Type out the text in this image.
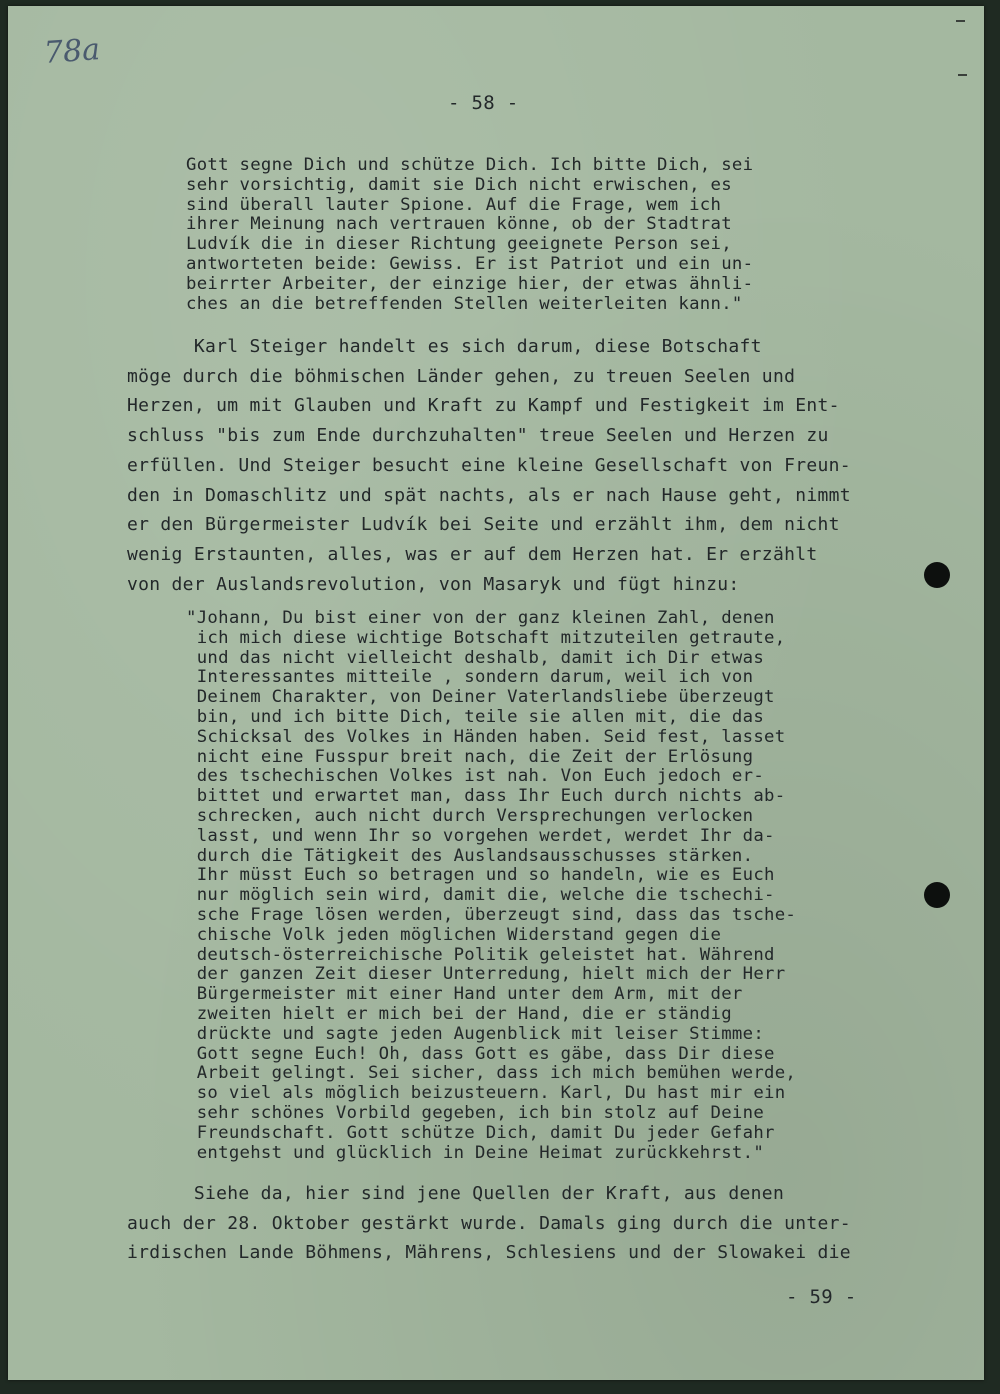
78a
- 58 -
Gott segne Dich und schütze Dich. Ich bitte Dich, sei
sehr vorsichtig, damit sie Dich nicht erwischen, es
sind überall lauter Spione. Auf die Frage, wem ich
ihrer Meinung nach vertrauen könne, ob der Stadtrat
Ludvík die in dieser Richtung geeignete Person sei,
antworteten beide: Gewiss. Er ist Patriot und ein un-
beirrter Arbeiter, der einzige hier, der etwas ähnli-
ches an die betreffenden Stellen weiterleiten kann."
Karl Steiger handelt es sich darum, diese Botschaft
möge durch die böhmischen Länder gehen, zu treuen Seelen und
Herzen, um mit Glauben und Kraft zu Kampf und Festigkeit im Ent-
schluss "bis zum Ende durchzuhalten" treue Seelen und Herzen zu
erfüllen. Und Steiger besucht eine kleine Gesellschaft von Freun-
den in Domaschlitz und spät nachts, als er nach Hause geht, nimmt
er den Bürgermeister Ludvík bei Seite und erzählt ihm, dem nicht
wenig Erstaunten, alles, was er auf dem Herzen hat. Er erzählt
von der Auslandsrevolution, von Masaryk und fügt hinzu:
"Johann, Du bist einer von der ganz kleinen Zahl, denen
ich mich diese wichtige Botschaft mitzuteilen getraute,
und das nicht vielleicht deshalb, damit ich Dir etwas
Interessantes mitteile , sondern darum, weil ich von
Deinem Charakter, von Deiner Vaterlandsliebe überzeugt
bin, und ich bitte Dich, teile sie allen mit, die das
Schicksal des Volkes in Händen haben. Seid fest, lasset
nicht eine Fusspur breit nach, die Zeit der Erlösung
des tschechischen Volkes ist nah. Von Euch jedoch er-
bittet und erwartet man, dass Ihr Euch durch nichts ab-
schrecken, auch nicht durch Versprechungen verlocken
lasst, und wenn Ihr so vorgehen werdet, werdet Ihr da-
durch die Tätigkeit des Auslandsausschusses stärken.
Ihr müsst Euch so betragen und so handeln, wie es Euch
nur möglich sein wird, damit die, welche die tschechi-
sche Frage lösen werden, überzeugt sind, dass das tsche-
chische Volk jeden möglichen Widerstand gegen die
deutsch-österreichische Politik geleistet hat. Während
der ganzen Zeit dieser Unterredung, hielt mich der Herr
Bürgermeister mit einer Hand unter dem Arm, mit der
zweiten hielt er mich bei der Hand, die er ständig
drückte und sagte jeden Augenblick mit leiser Stimme:
Gott segne Euch! Oh, dass Gott es gäbe, dass Dir diese
Arbeit gelingt. Sei sicher, dass ich mich bemühen werde,
so viel als möglich beizusteuern. Karl, Du hast mir ein
sehr schönes Vorbild gegeben, ich bin stolz auf Deine
Freundschaft. Gott schütze Dich, damit Du jeder Gefahr
entgehst und glücklich in Deine Heimat zurückkehrst."
Siehe da, hier sind jene Quellen der Kraft, aus denen
auch der 28. Oktober gestärkt wurde. Damals ging durch die unter-
irdischen Lande Böhmens, Mährens, Schlesiens und der Slowakei die
- 59 -
